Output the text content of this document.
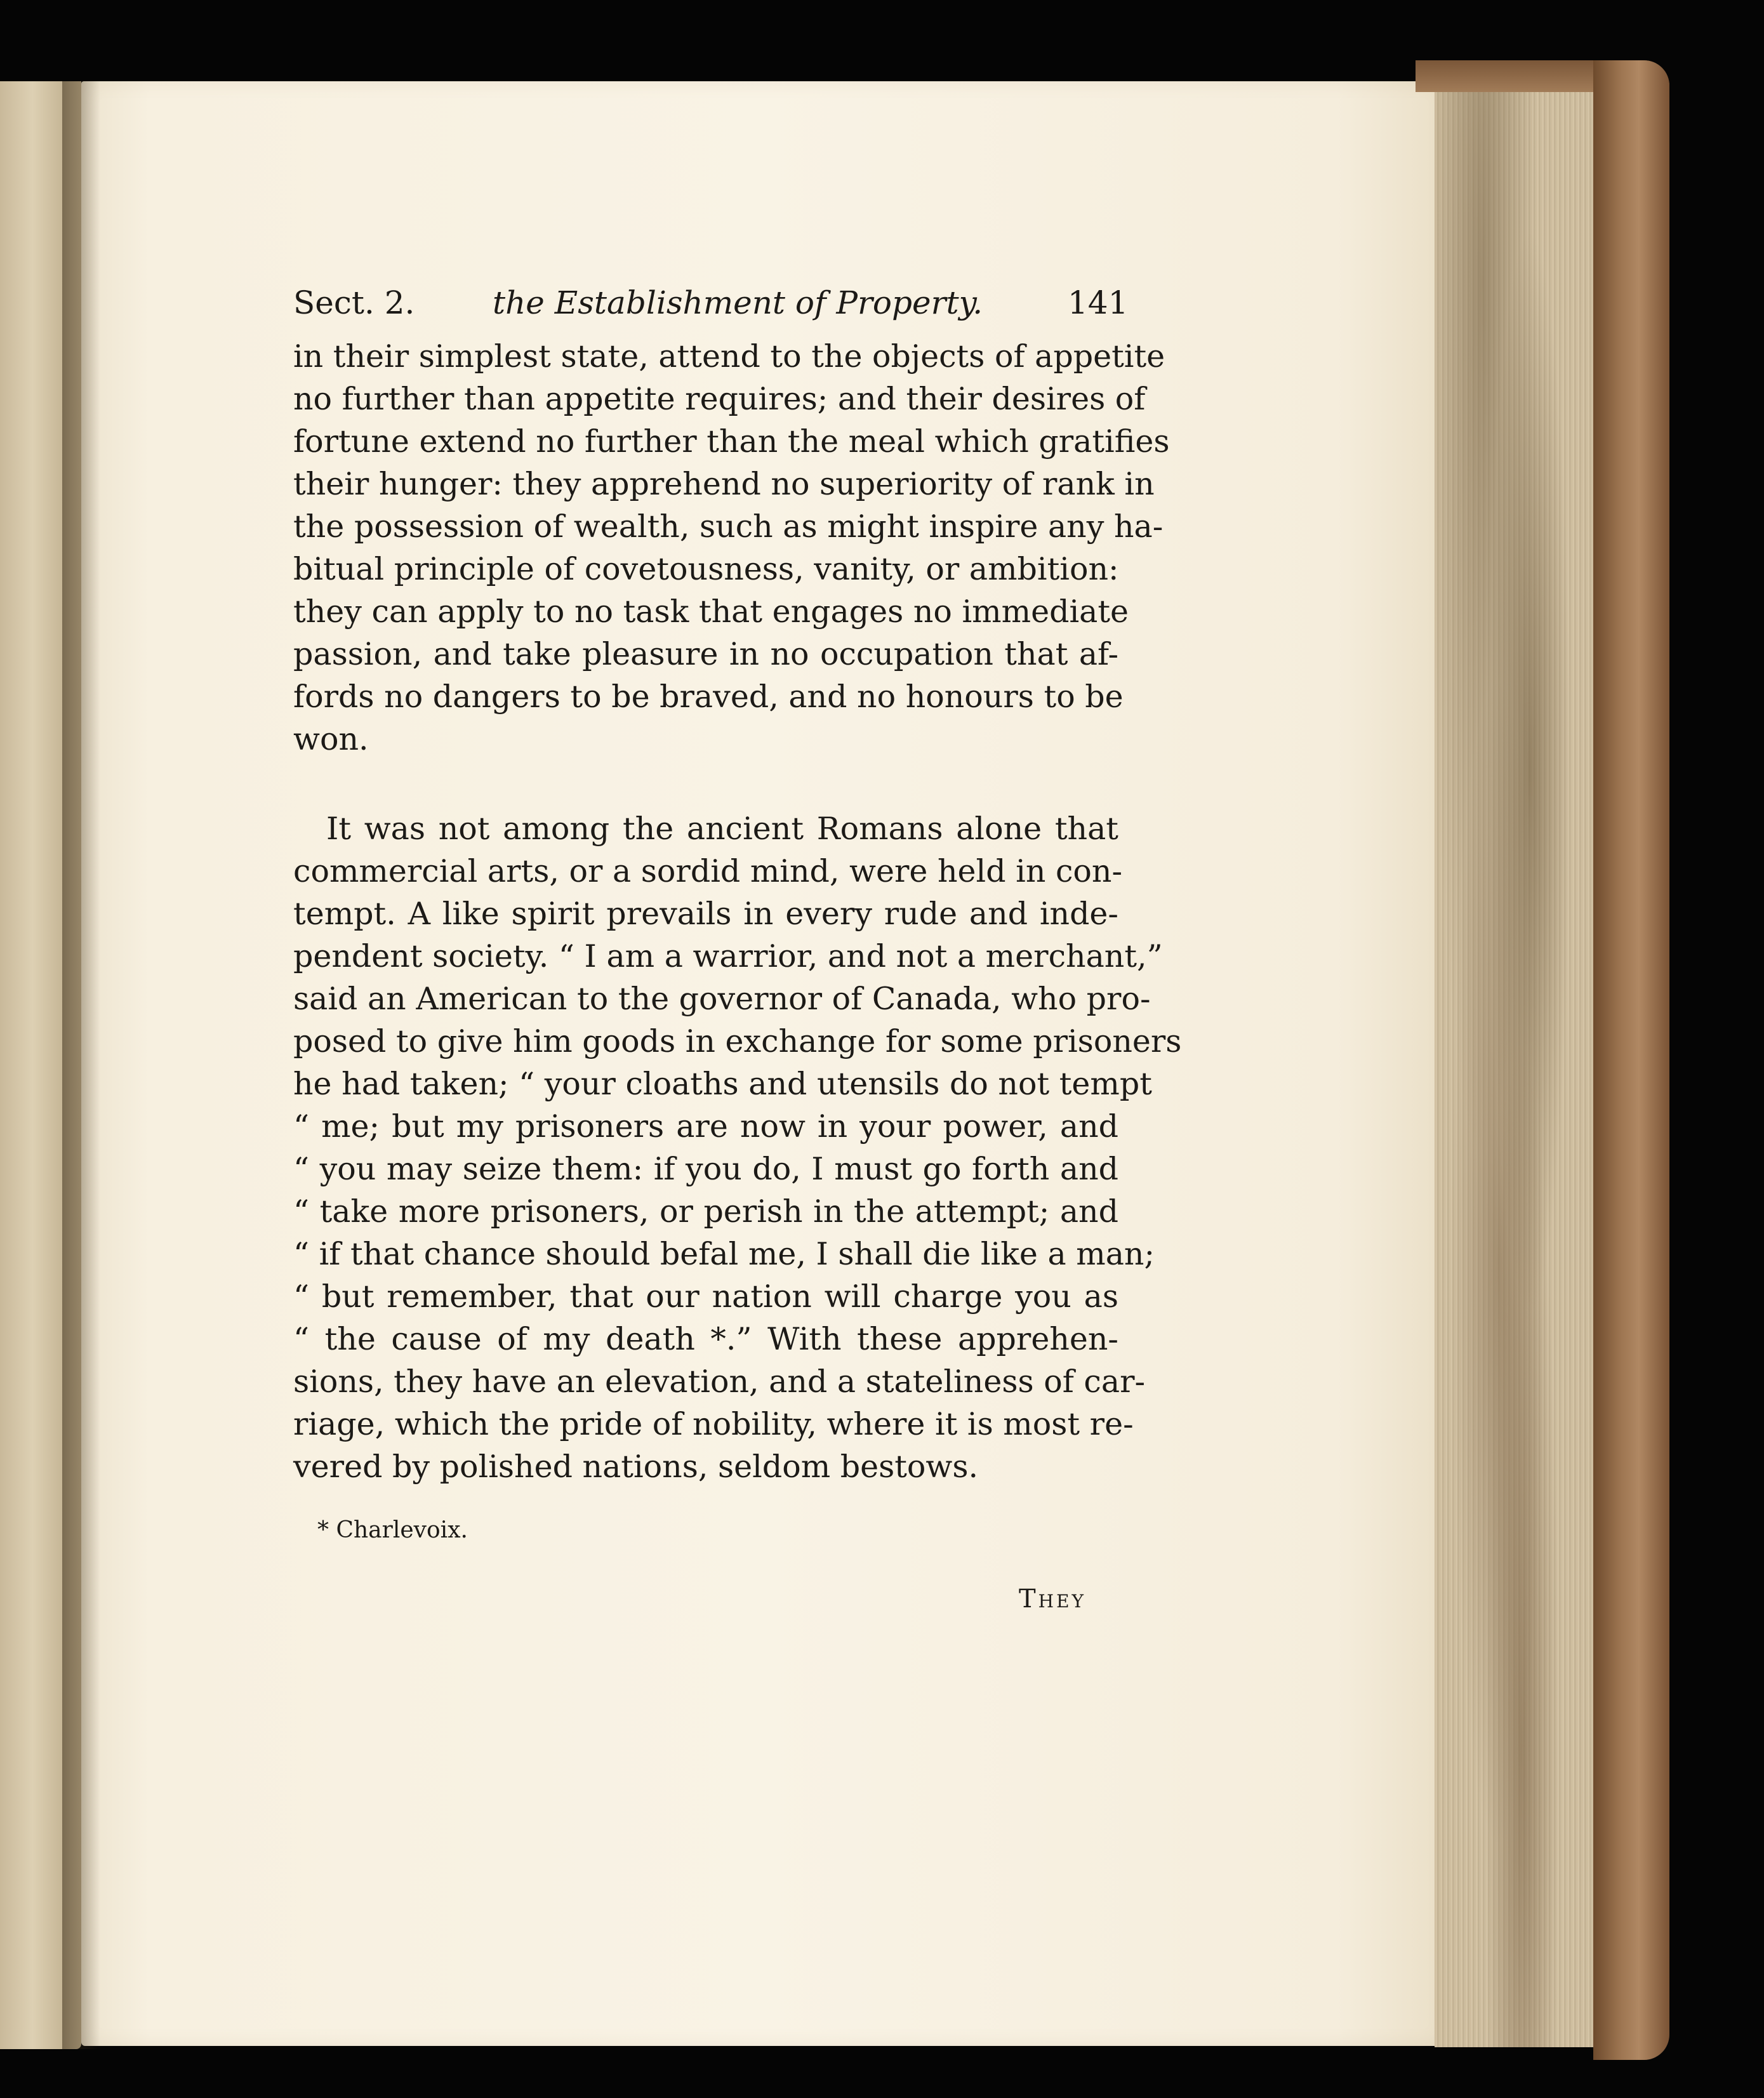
Sect. 2. the Establishment of Property.	141
in their simplest state, attend to the objects of appetite
no further than appetite requires; and their desires of
fortune extend no further than the meal which gratifies
their hunger: they apprehend no superiority of rank in
the possession of wealth, such as might inspire any ha-
bitual principle of covetousness, vanity, or ambition:
they can apply to no task that engages no immediate
passion, and take pleasure in no occupation that af-
fords no dangers to be braved, and no honours to be
won.
It was not among the ancient Romans alone that
commercial arts, or a sordid mind, were held in con-
tempt. A like spirit prevails in every rude and inde-
pendent society. “ I am a warrior, and not a merchant,”
said an American to the governor of Canada, who pro-
posed to give him goods in exchange for some prisoners
he had taken; “ your cloaths and utensils do not tempt
“ me; but my prisoners are now in your power, and
“ you may seize them: if you do, I must go forth and
“ take more prisoners, or perish in the attempt; and
“ if that chance should befal me, I shall die like a man;
“ but remember, that our nation will charge you as
“ the cause of my death *.” With these apprehen-
sions, they have an elevation, and a stateliness of car-
riage, which the pride of nobility, where it is most re-
vered by polished nations, seldom bestows.
* Charlevoix.
They
